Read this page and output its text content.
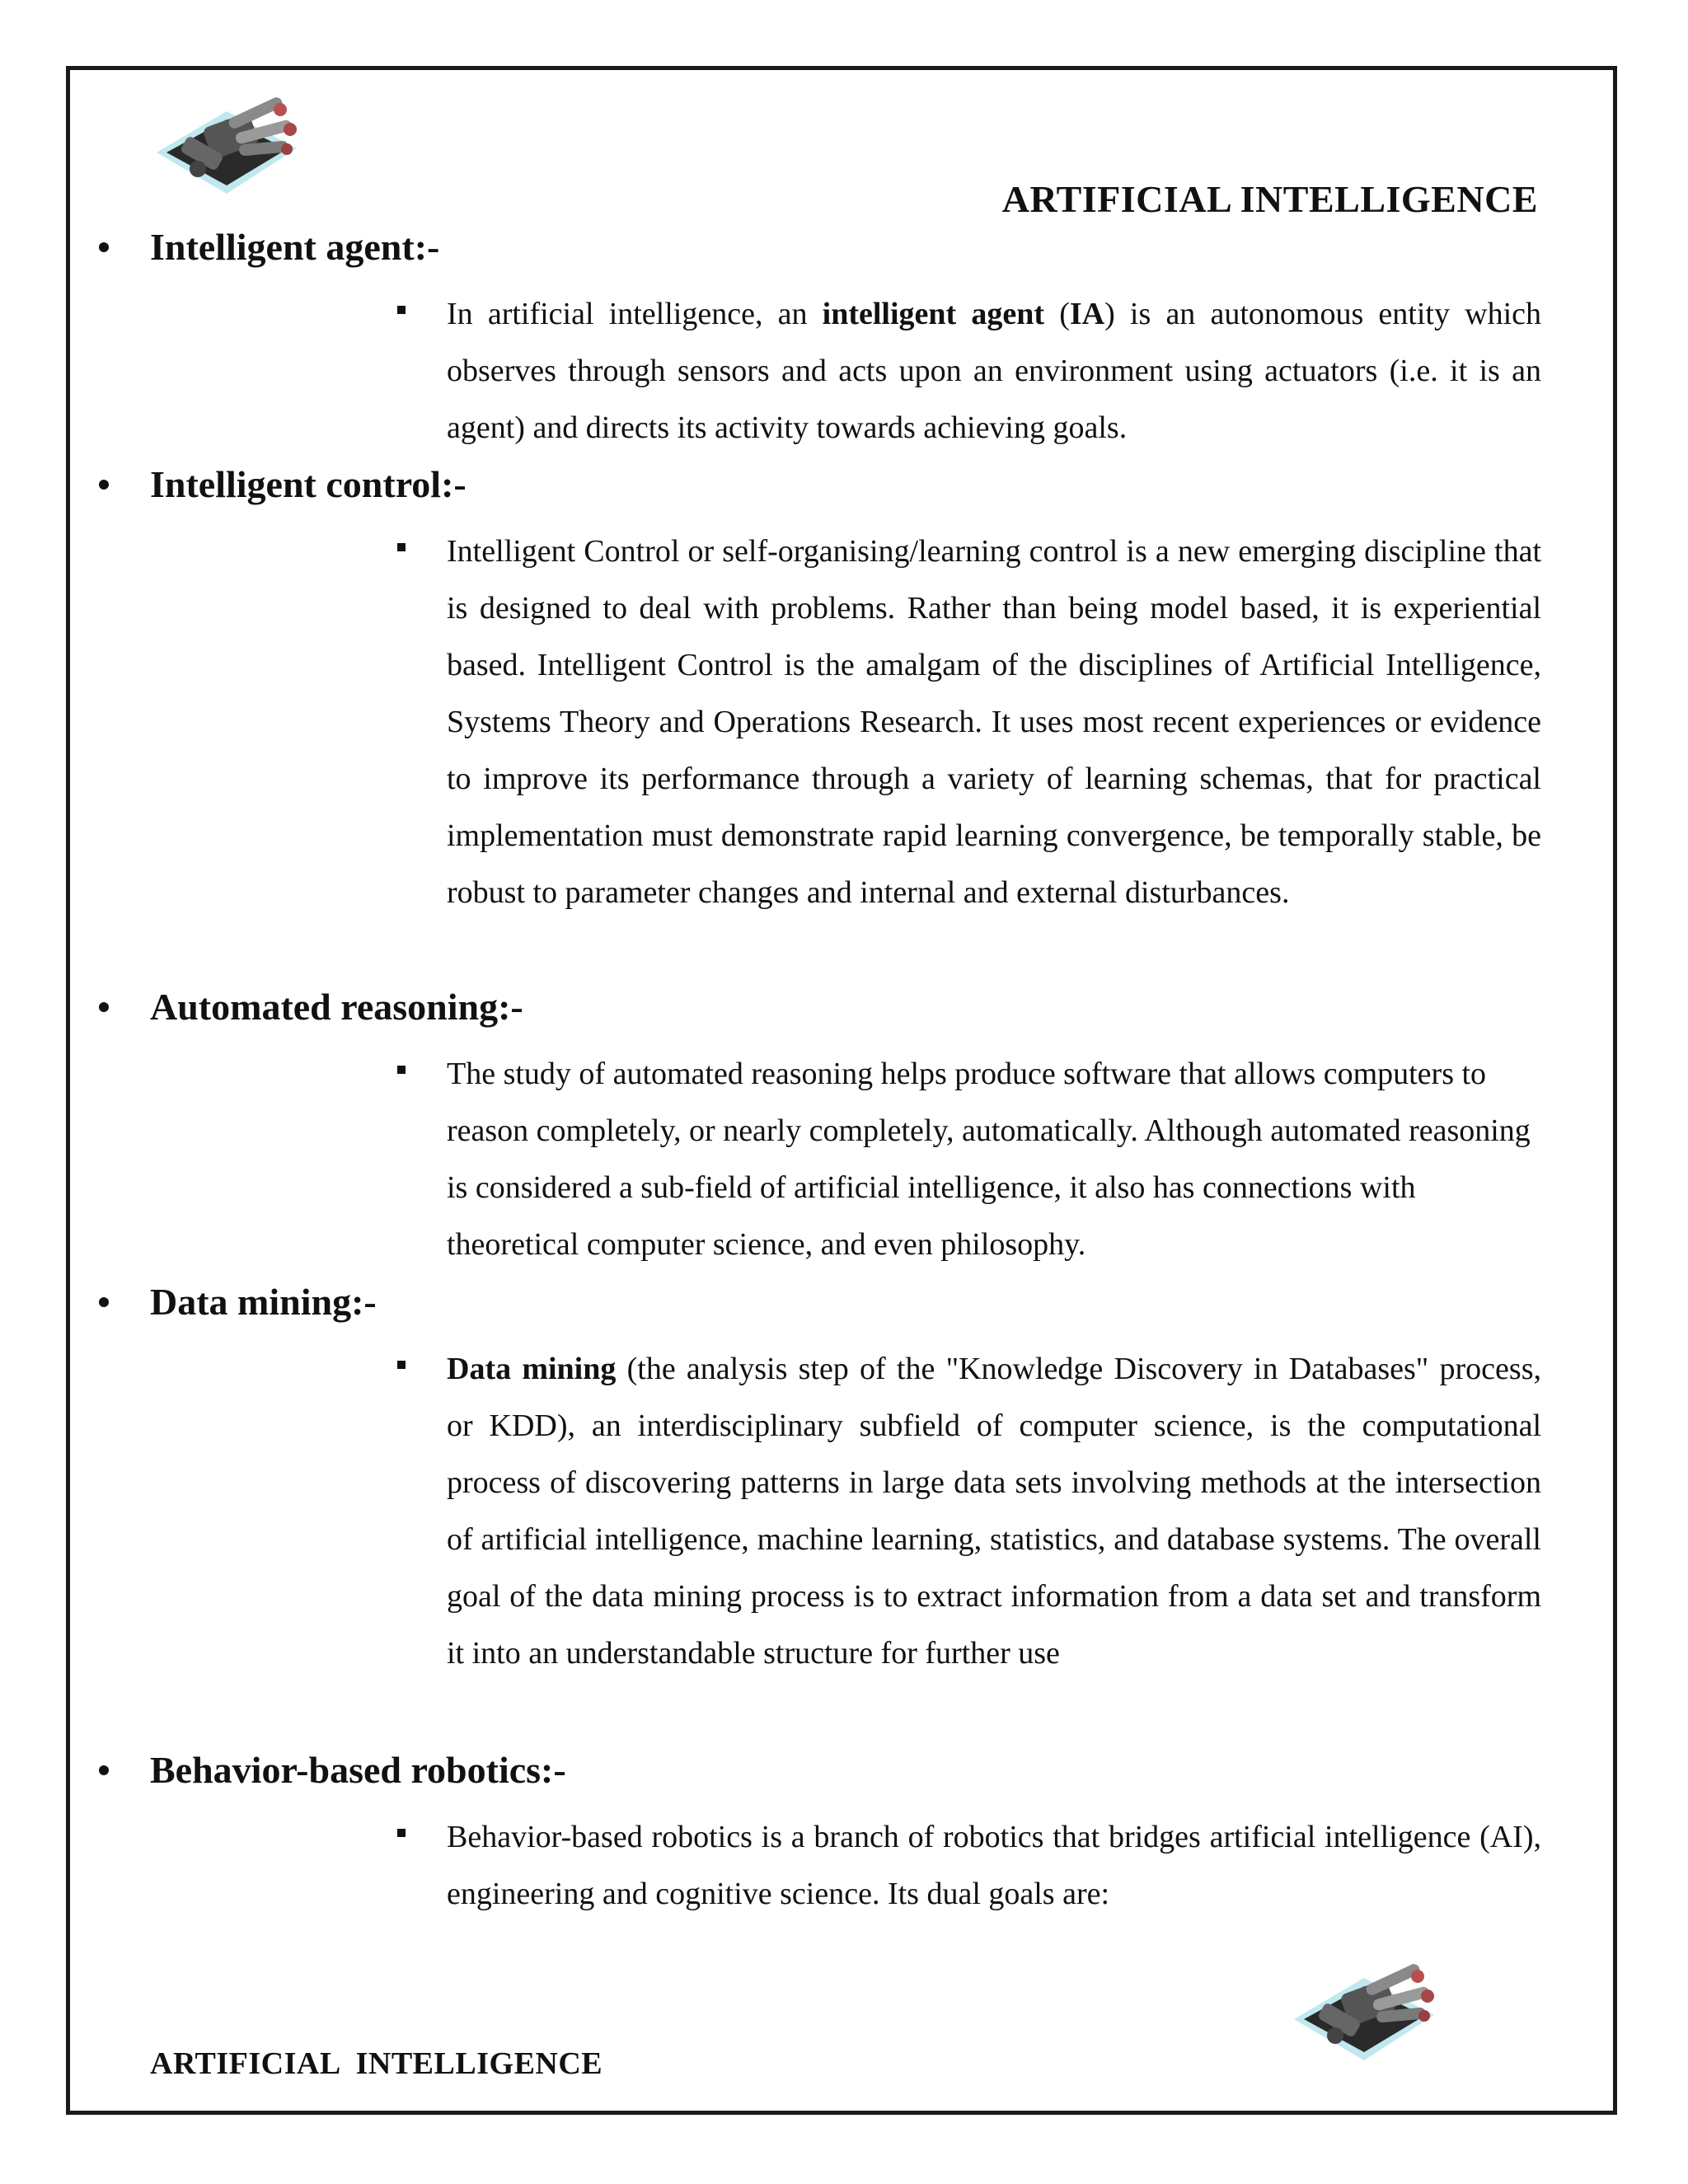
ARTIFICIAL INTELLIGENCE
Intelligent agent:-
In artificial intelligence, an intelligent agent (IA) is an autonomous entity which observes through sensors and acts upon an environment using actuators (i.e. it is an agent) and directs its activity towards achieving goals.
Intelligent control:-
Intelligent Control or self-organising/learning control is a new emerging discipline that is designed to deal with problems. Rather than being model based, it is experiential based. Intelligent Control is the amalgam of the disciplines of Artificial Intelligence, Systems Theory and Operations Research. It uses most recent experiences or evidence to improve its performance through a variety of learning schemas, that for practical implementation must demonstrate rapid learning convergence, be temporally stable, be robust to parameter changes and internal and external disturbances.
Automated reasoning:-
The study of automated reasoning helps produce software that allows computers to reason completely, or nearly completely, automatically. Although automated reasoning is considered a sub-field of artificial intelligence, it also has connections with theoretical computer science, and even philosophy.
Data mining:-
Data mining (the analysis step of the "Knowledge Discovery in Databases" process, or KDD), an interdisciplinary subfield of computer science, is the computational process of discovering patterns in large data sets involving methods at the intersection of artificial intelligence, machine learning, statistics, and database systems. The overall goal of the data mining process is to extract information from a data set and transform it into an understandable structure for further use
Behavior-based robotics:-
Behavior-based robotics is a branch of robotics that bridges artificial intelligence (AI), engineering and cognitive science. Its dual goals are:
ARTIFICIAL  INTELLIGENCE
